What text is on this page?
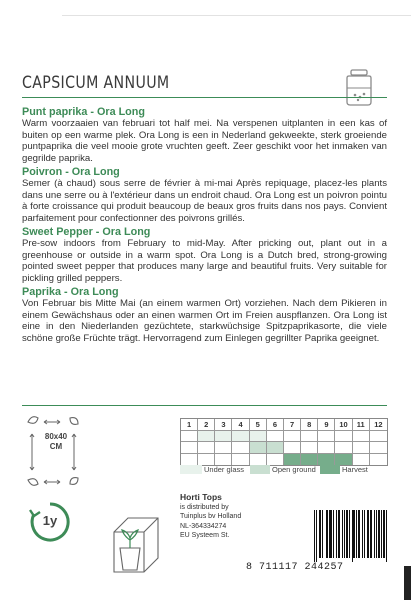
CAPSICUM ANNUUM
Punt paprika - Ora Long
Warm voorzaaien van februari tot half mei. Na verspenen uitplanten in een kas of buiten op een warme plek. Ora Long is een in Nederland gekweekte, sterk groeiende puntpaprika die veel mooie grote vruchten geeft. Zeer geschikt voor het inmaken van gegrilde paprika.
Poivron - Ora Long
Semer (à chaud) sous serre de février à mi-mai Après repiquage, placez-les plants dans une serre ou à l'extérieur dans un endroit chaud. Ora Long est un poivron pointu à forte croissance qui produit beaucoup de beaux gros fruits dans nos pays. Convient parfaitement pour confectionner des poivrons grillés.
Sweet Pepper - Ora Long
Pre-sow indoors from February to mid-May. After pricking out, plant out in a greenhouse or outside in a warm spot. Ora Long is a Dutch bred, strong-growing pointed sweet pepper that produces many large and beautiful fruits. Very suitable for pickling grilled peppers.
Paprika - Ora Long
Von Februar bis Mitte Mai (an einem warmen Ort) vorziehen. Nach dem Pikieren in einem Gewächshaus oder an einen warmen Ort im Freien auspflanzen. Ora Long ist eine in den Niederlanden gezüchtete, starkwüchsige Spitzpaprikasorte, die viele schöne große Früchte trägt. Hervorragend zum Einlegen gegrillter Paprika geeignet.
80x40
CM
1y
1	2	3	4	5	6	7	8	9	10	11	12
Under glass	Open ground	Harvest
Horti Tops
is distributed by
Tuinplus bv Holland
NL-364334274
EU Systeem St.
8 711117 244257
